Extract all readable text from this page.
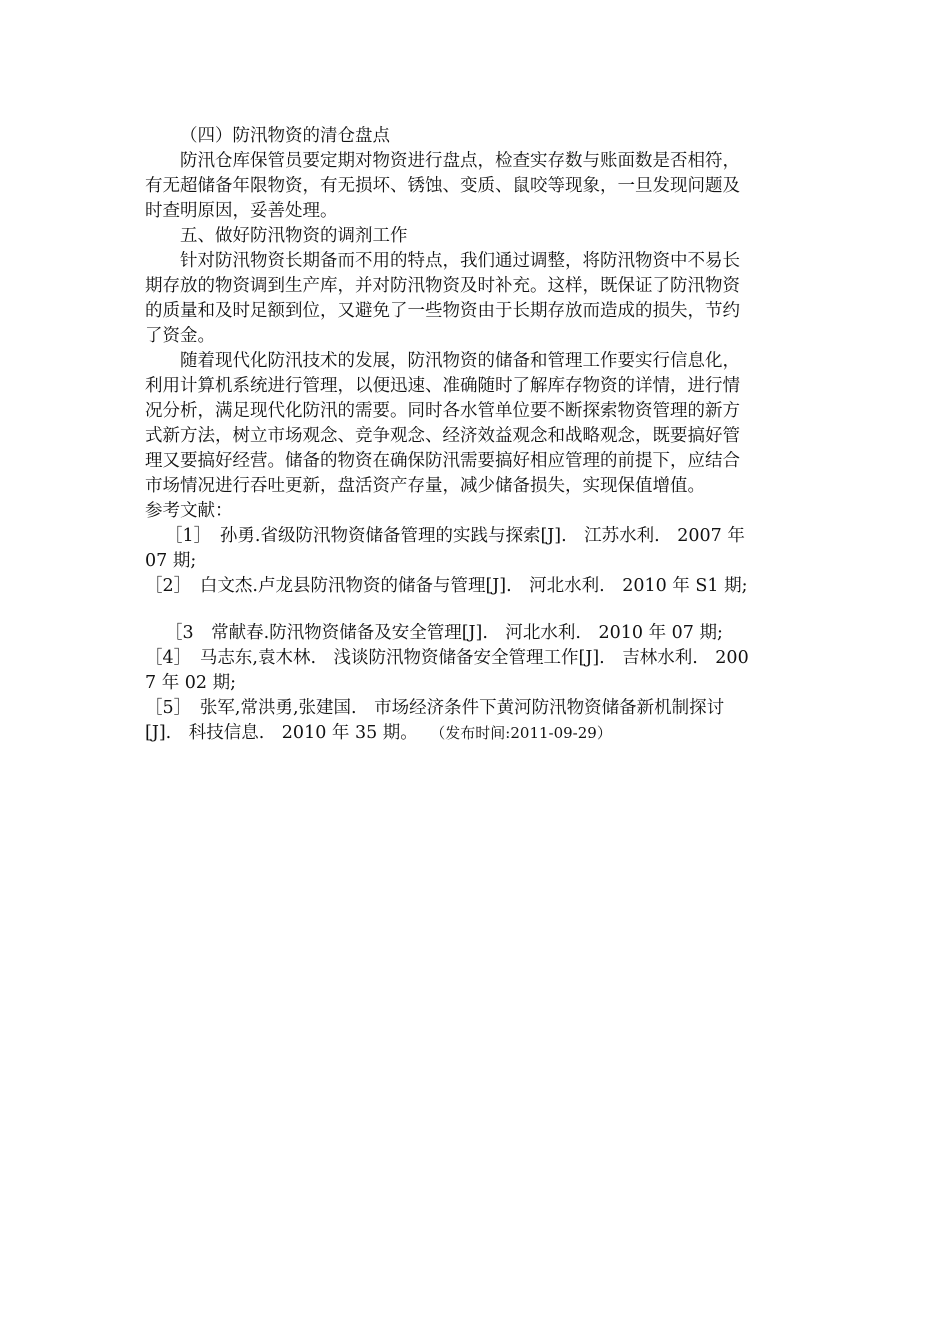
（四）防汛物资的清仓盘点
防汛仓库保管员要定期对物资进行盘点，检查实存数与账面数是否相符，
有无超储备年限物资，有无损坏、锈蚀、变质、鼠咬等现象，一旦发现问题及
时查明原因，妥善处理。
五、做好防汛物资的调剂工作
针对防汛物资长期备而不用的特点，我们通过调整，将防汛物资中不易长
期存放的物资调到生产库，并对防汛物资及时补充。这样，既保证了防汛物资
的质量和及时足额到位，又避免了一些物资由于长期存放而造成的损失，节约
了资金。
随着现代化防汛技术的发展，防汛物资的储备和管理工作要实行信息化，
利用计算机系统进行管理，以便迅速、准确随时了解库存物资的详情，进行情
况分析，满足现代化防汛的需要。同时各水管单位要不断探索物资管理的新方
式新方法，树立市场观念、竞争观念、经济效益观念和战略观念，既要搞好管
理又要搞好经营。储备的物资在确保防汛需要搞好相应管理的前提下，应结合
市场情况进行吞吐更新，盘活资产存量，减少储备损失，实现保值增值。
参考文献：
［1］　孙勇.省级防汛物资储备管理的实践与探索[J].　江苏水利.　2007 年
07 期;
［2］　白文杰.卢龙县防汛物资的储备与管理[J].　河北水利.　2010 年 S1 期;
［3　常献春.防汛物资储备及安全管理[J].　河北水利.　2010 年 07 期;
［4］　马志东,袁木林.　浅谈防汛物资储备安全管理工作[J].　吉林水利.　200
7 年 02 期;
［5］　张军,常洪勇,张建国.　市场经济条件下黄河防汛物资储备新机制探讨
[J].　科技信息.　2010 年 35 期。 （发布时间:2011-09-29）
